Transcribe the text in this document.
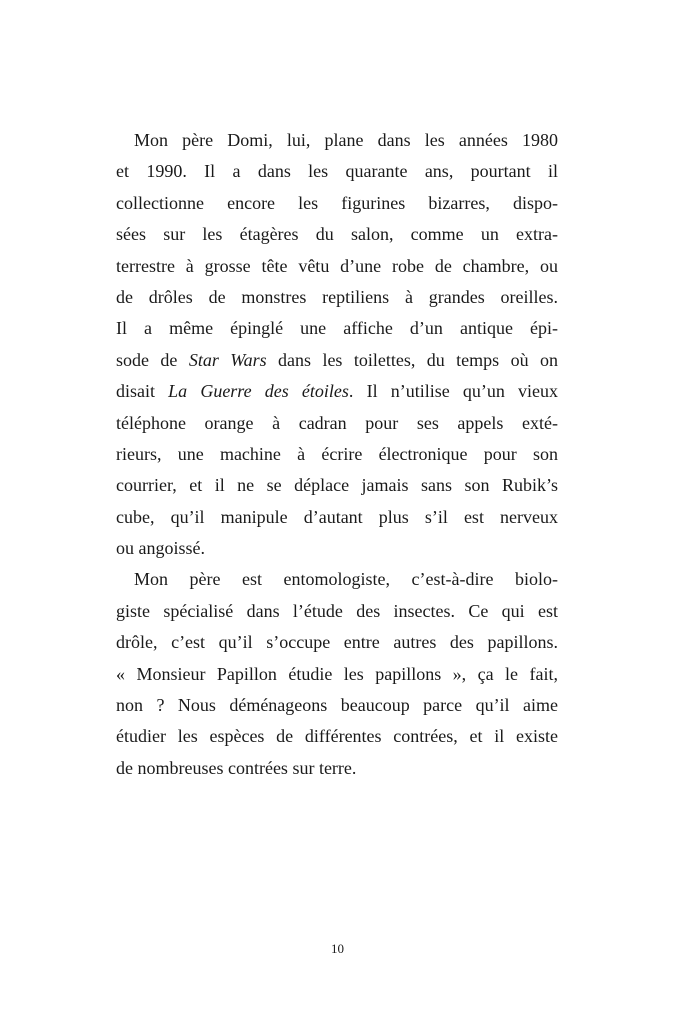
Mon père Domi, lui, plane dans les années 1980
et 1990. Il a dans les quarante ans, pourtant il
collectionne encore les figurines bizarres, dispo-
sées sur les étagères du salon, comme un extra-
terrestre à grosse tête vêtu d’une robe de chambre, ou
de drôles de monstres reptiliens à grandes oreilles.
Il a même épinglé une affiche d’un antique épi-
sode de Star Wars dans les toilettes, du temps où on
disait La Guerre des étoiles. Il n’utilise qu’un vieux
téléphone orange à cadran pour ses appels exté-
rieurs, une machine à écrire électronique pour son
courrier, et il ne se déplace jamais sans son Rubik’s
cube, qu’il manipule d’autant plus s’il est nerveux
ou angoissé.
Mon père est entomologiste, c’est-à-dire biolo-
giste spécialisé dans l’étude des insectes. Ce qui est
drôle, c’est qu’il s’occupe entre autres des papillons.
« Monsieur Papillon étudie les papillons », ça le fait,
non ? Nous déménageons beaucoup parce qu’il aime
étudier les espèces de différentes contrées, et il existe
de nombreuses contrées sur terre.
10
